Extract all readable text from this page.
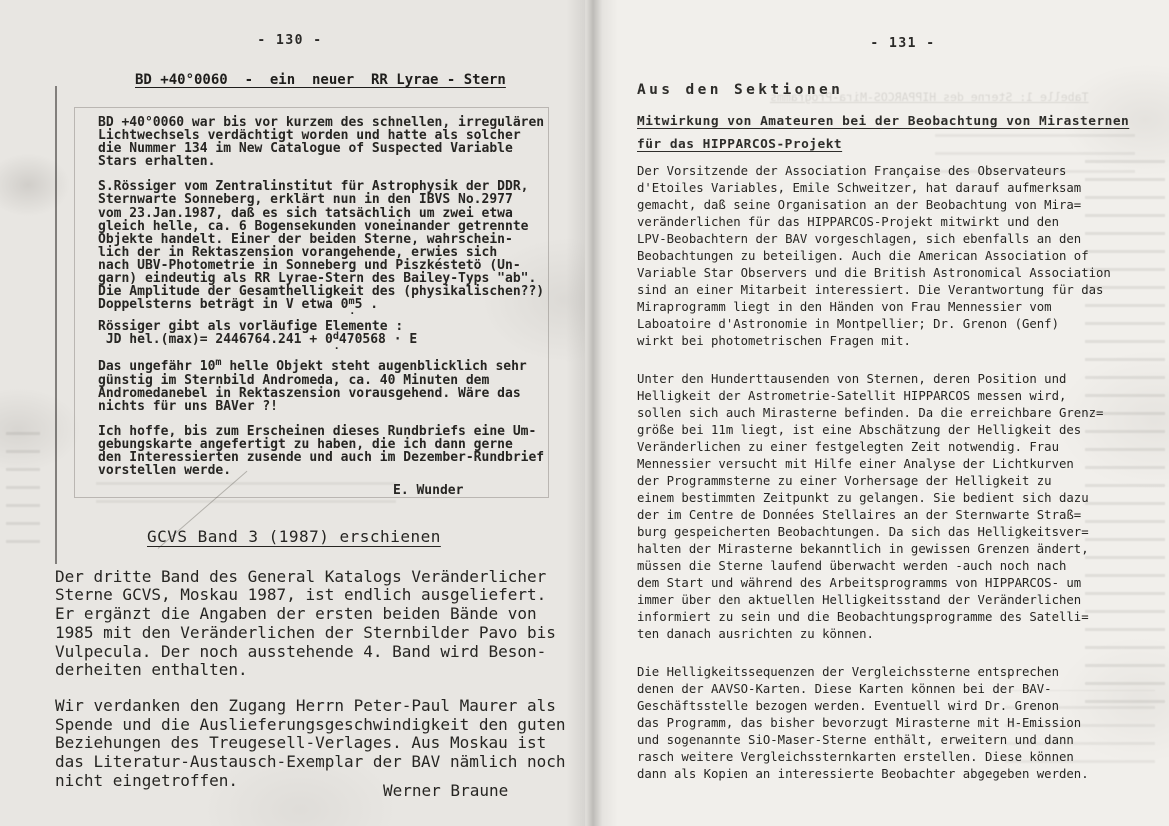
- 130 -
BD +40°0060  -  ein  neuer  RR Lyrae - Stern

BD +40°0060 war bis vor kurzem des schnellen, irregulären
Lichtwechsels verdächtigt worden und hatte als solcher
die Nummer 134 im New Catalogue of Suspected Variable
Stars erhalten.

S.Rössiger vom Zentralinstitut für Astrophysik der DDR,
Sternwarte Sonneberg, erklärt nun in den IBVS No.2977
vom 23.Jan.1987, daß es sich tatsächlich um zwei etwa
gleich helle, ca. 6 Bogensekunden voneinander getrennte
Objekte handelt. Einer der beiden Sterne, wahrschein-
lich der in Rektaszension vorangehende, erwies sich
nach UBV-Photometrie in Sonneberg und Piszkéstetö (Un-
garn) eindeutig als RR Lyrae-Stern des Bailey-Typs "ab".
Die Amplitude der Gesamthelligkeit des (physikalischen??)
Doppelsterns beträgt in V etwa 0$^m$ .5 .

Rössiger gibt als vorläufige Elemente :
JD $hel.(\max)= 2446764.241 + 0^d$ .470568 · E

Das ungefähr 10$^m$ helle Objekt steht augenblicklich sehr
günstig im Sternbild Andromeda, ca. 40 Minuten dem
Andromedanebel in Rektaszension vorausgehend. Wäre das
nichts für uns BAVer ?!

Ich hoffe, bis zum Erscheinen dieses Rundbriefs eine Um-
gebungskarte angefertigt zu haben, die ich dann gerne
den Interessierten zusende und auch im Dezember-Rundbrief
vorstellen werde.

E. Wunder
GCVS Band 3 (1987) erschienen

Der dritte Band des General Katalogs Veränderlicher
Sterne GCVS, Moskau 1987, ist endlich ausgeliefert.
Er ergänzt die Angaben der ersten beiden Bände von
1985 mit den Veränderlichen der Sternbilder Pavo bis
Vulpecula. Der noch ausstehende 4. Band wird Beson-
derheiten enthalten.

Wir verdanken den Zugang Herrn Peter-Paul Maurer als
Spende und die Auslieferungsgeschwindigkeit den guten
Beziehungen des Treugesell-Verlages. Aus Moskau ist
das Literatur-Austausch-Exemplar der BAV nämlich noch
nicht eingetroffen.

Werner Braune
- 131 -
Tabelle 1: Sterne des HIPPARCOS-Mira-Programms
Aus den Sektionen
Mitwirkung von Amateuren bei der Beobachtung von Mirasternen
für das HIPPARCOS-Projekt

Der Vorsitzende der Association Française des Observateurs
d'Etoiles Variables, Emile Schweitzer, hat darauf aufmerksam
gemacht, daß seine Organisation an der Beobachtung von Mira=
veränderlichen für das HIPPARCOS-Projekt mitwirkt und den
LPV-Beobachtern der BAV vorgeschlagen, sich ebenfalls an den
Beobachtungen zu beteiligen. Auch die American Association of
Variable Star Observers und die British Astronomical Association
sind an einer Mitarbeit interessiert. Die Verantwortung für das
Miraprogramm liegt in den Händen von Frau Mennessier vom
Laboatoire d'Astronomie in Montpellier; Dr. Grenon (Genf)
wirkt bei photometrischen Fragen mit.

Unter den Hunderttausenden von Sternen, deren Position und
Helligkeit der Astrometrie-Satellit HIPPARCOS messen wird,
sollen sich auch Mirasterne befinden. Da die erreichbare Grenz=
größe bei 11m liegt, ist eine Abschätzung der Helligkeit des
Veränderlichen zu einer festgelegten Zeit notwendig. Frau
Mennessier versucht mit Hilfe einer Analyse der Lichtkurven
der Programmsterne zu einer Vorhersage der Helligkeit zu
einem bestimmten Zeitpunkt zu gelangen. Sie bedient sich dazu
der im Centre de Données Stellaires an der Sternwarte Straß=
burg gespeicherten Beobachtungen. Da sich das Helligkeitsver=
halten der Mirasterne bekanntlich in gewissen Grenzen ändert,
müssen die Sterne laufend überwacht werden -auch noch nach
dem Start und während des Arbeitsprogramms von HIPPARCOS- um
immer über den aktuellen Helligkeitsstand der Veränderlichen
informiert zu sein und die Beobachtungsprogramme des Satelli=
ten danach ausrichten zu können.

Die Helligkeitssequenzen der Vergleichssterne entsprechen
denen der AAVSO-Karten. Diese Karten können bei der BAV-
Geschäftsstelle bezogen werden. Eventuell wird Dr. Grenon
das Programm, das bisher bevorzugt Mirasterne mit H-Emission
und sogenannte SiO-Maser-Sterne enthält, erweitern und dann
rasch weitere Vergleichssternkarten erstellen. Diese können
dann als Kopien an interessierte Beobachter abgegeben werden.
